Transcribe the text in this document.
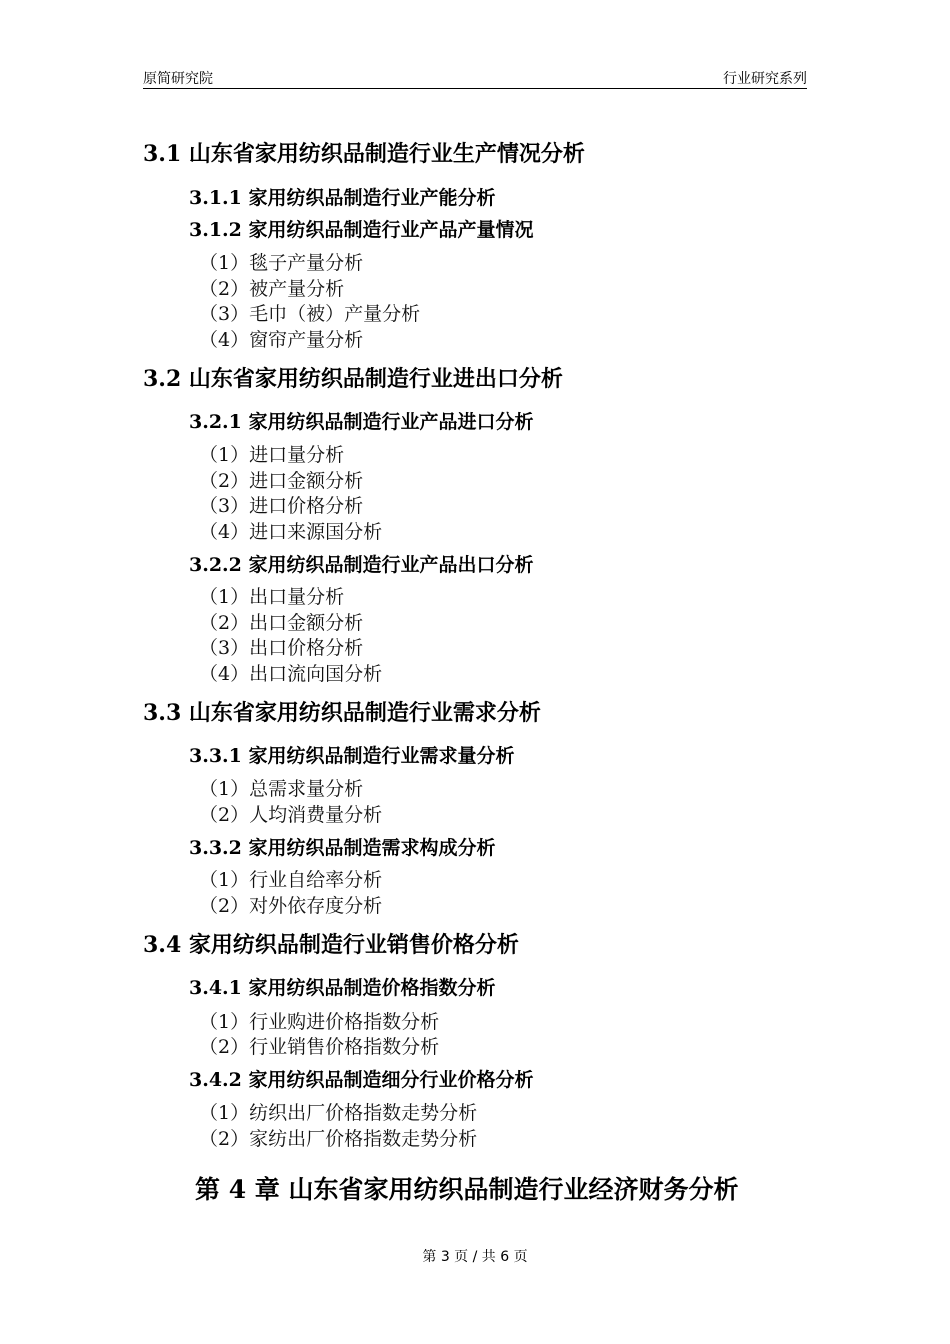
原简研究院	行业研究系列
3.1 山东省家用纺织品制造行业生产情况分析
3.1.1 家用纺织品制造行业产能分析
3.1.2 家用纺织品制造行业产品产量情况
（1）毯子产量分析
（2）被产量分析
（3）毛巾（被）产量分析
（4）窗帘产量分析
3.2 山东省家用纺织品制造行业进出口分析
3.2.1 家用纺织品制造行业产品进口分析
（1）进口量分析
（2）进口金额分析
（3）进口价格分析
（4）进口来源国分析
3.2.2 家用纺织品制造行业产品出口分析
（1）出口量分析
（2）出口金额分析
（3）出口价格分析
（4）出口流向国分析
3.3 山东省家用纺织品制造行业需求分析
3.3.1 家用纺织品制造行业需求量分析
（1）总需求量分析
（2）人均消费量分析
3.3.2 家用纺织品制造需求构成分析
（1）行业自给率分析
（2）对外依存度分析
3.4 家用纺织品制造行业销售价格分析
3.4.1 家用纺织品制造价格指数分析
（1）行业购进价格指数分析
（2）行业销售价格指数分析
3.4.2 家用纺织品制造细分行业价格分析
（1）纺织出厂价格指数走势分析
（2）家纺出厂价格指数走势分析
第 4 章 山东省家用纺织品制造行业经济财务分析
第 3 页 / 共 6 页
